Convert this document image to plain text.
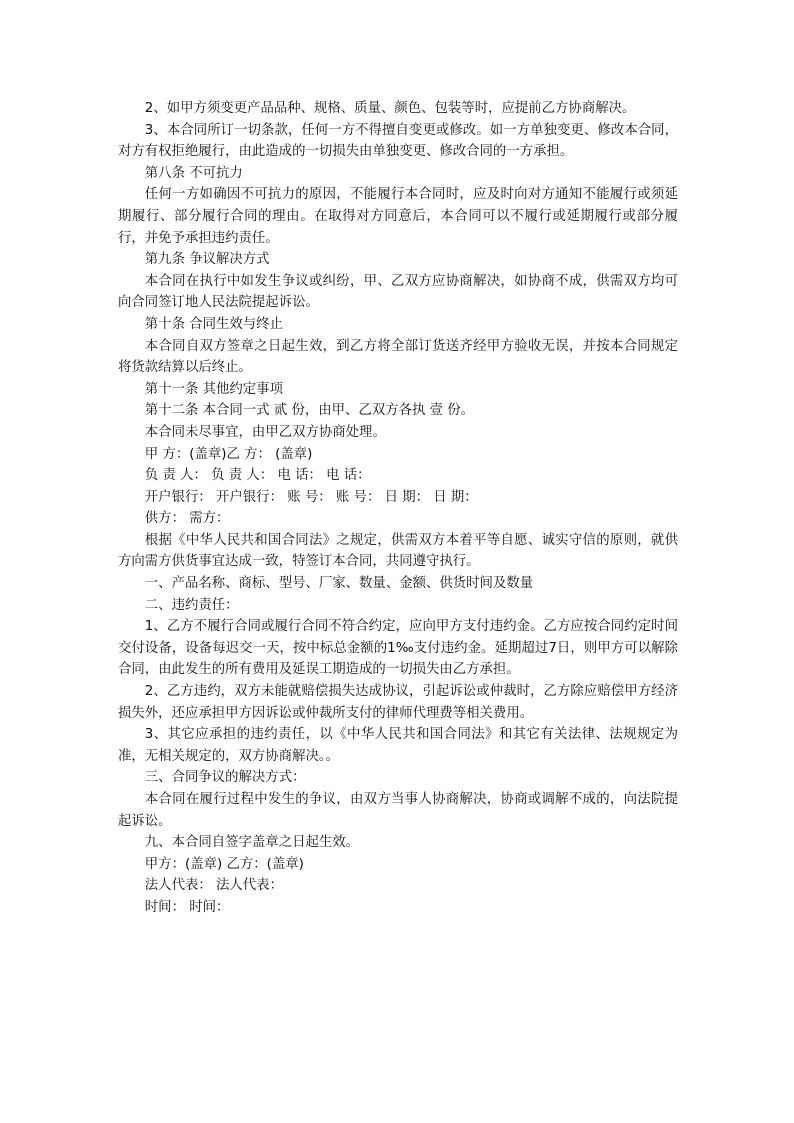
2、如甲方须变更产品品种、规格、质量、颜色、包装等时，应提前乙方协商解决。

3、本合同所订一切条款，任何一方不得擅自变更或修改。如一方单独变更、修改本合同，对方有权拒绝履行，由此造成的一切损失由单独变更、修改合同的一方承担。

第八条 不可抗力

任何一方如确因不可抗力的原因，不能履行本合同时，应及时向对方通知不能履行或须延期履行、部分履行合同的理由。在取得对方同意后，本合同可以不履行或延期履行或部分履行，并免予承担违约责任。

第九条 争议解决方式

本合同在执行中如发生争议或纠纷，甲、乙双方应协商解决，如协商不成，供需双方均可向合同签订地人民法院提起诉讼。

第十条 合同生效与终止

本合同自双方签章之日起生效，到乙方将全部订货送齐经甲方验收无误，并按本合同规定将货款结算以后终止。

第十一条 其他约定事项

第十二条 本合同一式 贰 份，由甲、乙双方各执 壹 份。

本合同未尽事宜，由甲乙双方协商处理。

甲 方：(盖章)乙 方： (盖章)

负 责 人： 负 责 人： 电 话： 电 话：

开户银行： 开户银行： 账 号： 账 号： 日 期： 日 期：

供方： 需方：

根据《中华人民共和国合同法》之规定，供需双方本着平等自愿、诚实守信的原则，就供方向需方供货事宜达成一致，特签订本合同，共同遵守执行。

一、产品名称、商标、型号、厂家、数量、金额、供货时间及数量

二、违约责任：

1、乙方不履行合同或履行合同不符合约定，应向甲方支付违约金。乙方应按合同约定时间交付设备，设备每迟交一天，按中标总金额的1‰支付违约金。延期超过7日，则甲方可以解除合同，由此发生的所有费用及延误工期造成的一切损失由乙方承担。

2、乙方违约，双方未能就赔偿损失达成协议，引起诉讼或仲裁时，乙方除应赔偿甲方经济损失外，还应承担甲方因诉讼或仲裁所支付的律师代理费等相关费用。

3、其它应承担的违约责任，以《中华人民共和国合同法》和其它有关法律、法规规定为准，无相关规定的，双方协商解决。。

三、合同争议的解决方式：

本合同在履行过程中发生的争议，由双方当事人协商解决，协商或调解不成的，向法院提起诉讼。

九、本合同自签字盖章之日起生效。

甲方：(盖章) 乙方：(盖章)

法人代表： 法人代表：

时间： 时间：
